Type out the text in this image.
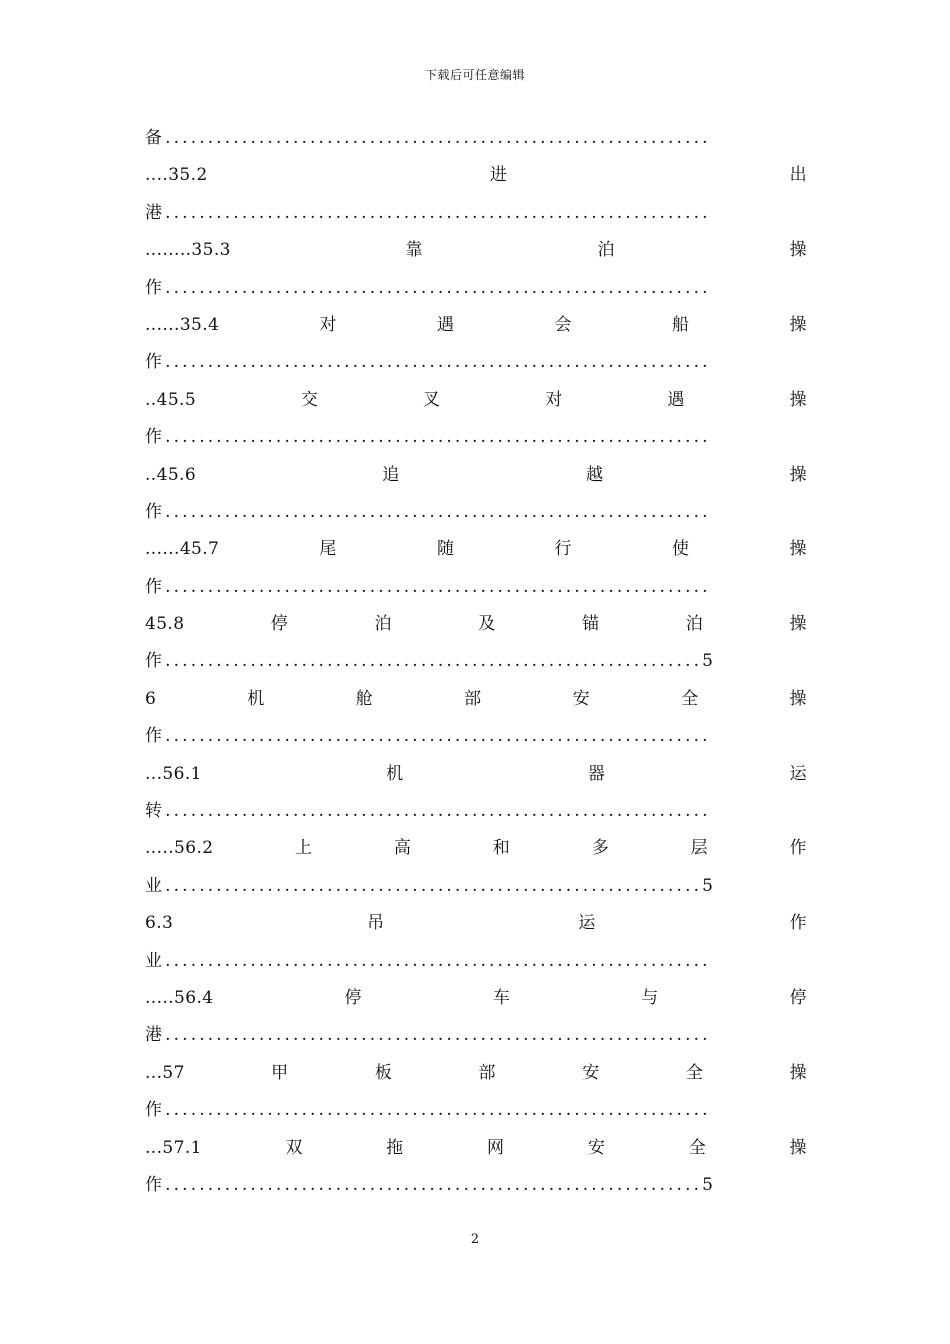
下载后可任意编辑
备................................................................
....35.2	进	出
港................................................................
........35.3	靠	泊	操
作................................................................
......35.4	对	遇	会	船	操
作................................................................
..45.5	交	叉	对	遇	操
作................................................................
..45.6	追	越	操
作................................................................
......45.7	尾	随	行	使	操
作................................................................
45.8	停	泊	及	锚	泊	操
作...............................................................5
6	机	舱	部	安	全	操
作................................................................
...56.1	机	器	运
转................................................................
.....56.2	上	高	和	多	层	作
业...............................................................5
6.3	吊	运	作
业................................................................
.....56.4	停	车	与	停
港................................................................
...57	甲	板	部	安	全	操
作................................................................
...57.1	双	拖	网	安	全	操
作...............................................................5
2
